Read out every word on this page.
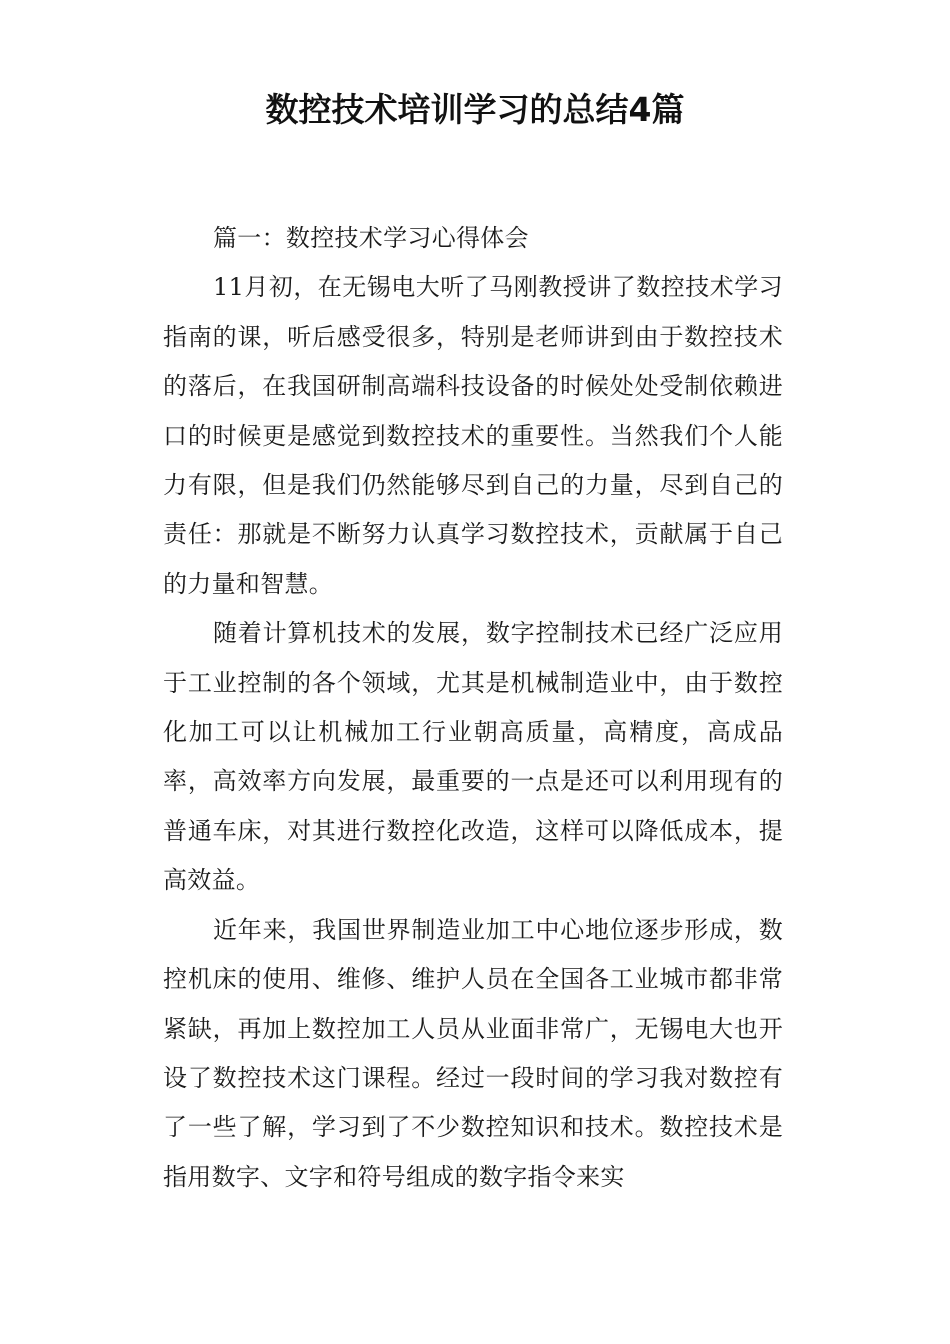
数控技术培训学习的总结4篇

篇一：数控技术学习心得体会

11月初，在无锡电大听了马刚教授讲了数控技术学习指南的课，听后感受很多，特别是老师讲到由于数控技术的落后，在我国研制高端科技设备的时候处处受制依赖进口的时候更是感觉到数控技术的重要性。当然我们个人能力有限，但是我们仍然能够尽到自己的力量，尽到自己的责任：那就是不断努力认真学习数控技术，贡献属于自己的力量和智慧。

随着计算机技术的发展，数字控制技术已经广泛应用于工业控制的各个领域，尤其是机械制造业中，由于数控化加工可以让机械加工行业朝高质量，高精度，高成品率，高效率方向发展，最重要的一点是还可以利用现有的普通车床，对其进行数控化改造，这样可以降低成本，提高效益。

近年来，我国世界制造业加工中心地位逐步形成，数控机床的使用、维修、维护人员在全国各工业城市都非常紧缺，再加上数控加工人员从业面非常广，无锡电大也开设了数控技术这门课程。经过一段时间的学习我对数控有了一些了解，学习到了不少数控知识和技术。数控技术是指用数字、文字和符号组成的数字指令来实
